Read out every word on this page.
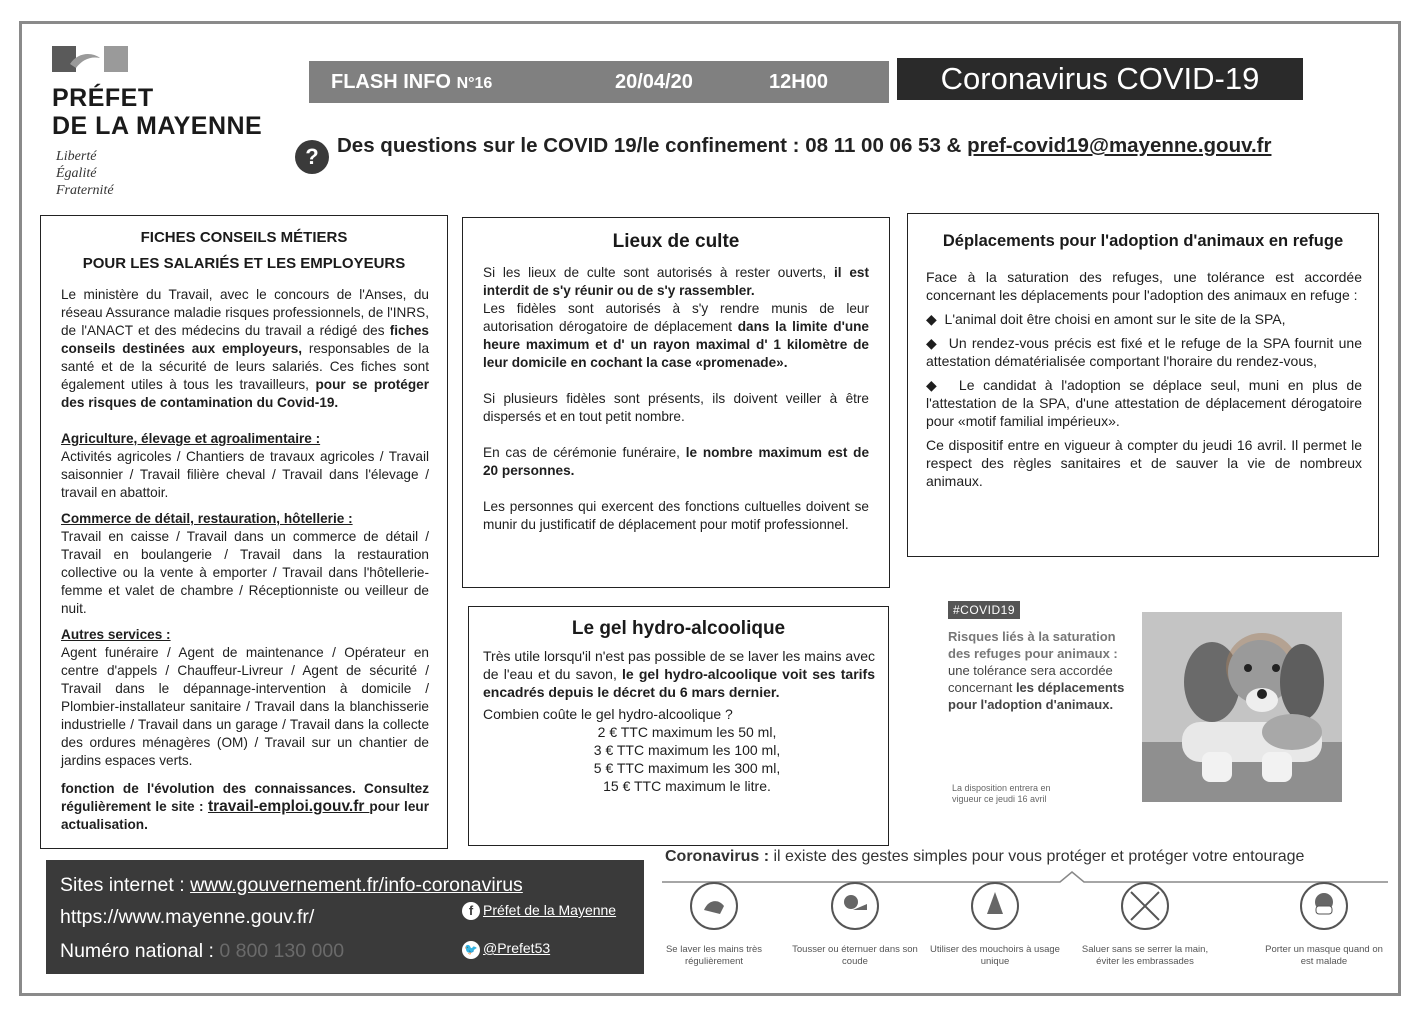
PRÉFET
DE LA MAYENNE
Liberté
Égalité
Fraternité
FLASH INFO N°16	20/04/20	12H00	Coronavirus COVID-19
? Des questions sur le COVID 19/le confinement : 08 11 00 06 53 & pref-covid19@mayenne.gouv.fr
FICHES CONSEILS MÉTIERS
POUR LES SALARIÉS ET LES EMPLOYEURS

Le ministère du Travail, avec le concours de l'Anses, du réseau Assurance maladie risques professionnels, de l'INRS, de l'ANACT et des médecins du travail a rédigé des fiches conseils destinées aux employeurs, responsables de la santé et de la sécurité de leurs salariés. Ces fiches sont également utiles à tous les travailleurs, pour se protéger des risques de contamination du Covid-19.

Agriculture, élevage et agroalimentaire :

Activités agricoles / Chantiers de travaux agricoles / Travail saisonnier / Travail filière cheval / Travail dans l'élevage / travail en abattoir.

Commerce de détail, restauration, hôtellerie :

Travail en caisse / Travail dans un commerce de détail / Travail en boulangerie / Travail dans la restauration collective ou la vente à emporter / Travail dans l'hôtellerie-femme et valet de chambre / Réceptionniste ou veilleur de nuit.

Autres services :

Agent funéraire / Agent de maintenance / Opérateur en centre d'appels / Chauffeur-Livreur / Agent de sécurité / Travail dans le dépannage-intervention à domicile / Plombier-installateur sanitaire / Travail dans la blanchisserie industrielle / Travail dans un garage / Travail dans la collecte des ordures ménagères (OM) / Travail sur un chantier de jardins espaces verts.

fonction de l'évolution des connaissances. Consultez régulièrement le site : travail-emploi.gouv.fr pour leur actualisation.

Lieux de culte

Si les lieux de culte sont autorisés à rester ouverts, il est interdit de s'y réunir ou de s'y rassembler.

Les fidèles sont autorisés à s'y rendre munis de leur autorisation dérogatoire de déplacement dans la limite d'une heure maximum et d' un rayon maximal d' 1 kilomètre de leur domicile en cochant la case «promenade».

Si plusieurs fidèles sont présents, ils doivent veiller à être dispersés et en tout petit nombre.

En cas de cérémonie funéraire, le nombre maximum est de 20 personnes.

Les personnes qui exercent des fonctions cultuelles doivent se munir du justificatif de déplacement pour motif professionnel.

Le gel hydro-alcoolique

Très utile lorsqu'il n'est pas possible de se laver les mains avec de l'eau et du savon, le gel hydro-alcoolique voit ses tarifs encadrés depuis le décret du 6 mars dernier.

Combien coûte le gel hydro-alcoolique ?

2 € TTC maximum les 50 ml,

3 € TTC maximum les 100 ml,

5 € TTC maximum les 300 ml,

15 € TTC maximum le litre.

Déplacements pour l'adoption d'animaux en refuge

Face à la saturation des refuges, une tolérance est accordée concernant les déplacements pour l'adoption des animaux en refuge :

◆  L'animal doit être choisi en amont sur le site de la SPA,

◆  Un rendez-vous précis est fixé et le refuge de la SPA fournit une attestation dématérialisée comportant l'horaire du rendez-vous,

◆  Le candidat à l'adoption se déplace seul, muni en plus de l'attestation de la SPA, d'une attestation de déplacement dérogatoire pour «motif familial impérieux».

Ce dispositif entre en vigueur à compter du jeudi 16 avril. Il permet le respect des règles sanitaires et de sauver la vie de nombreux animaux.

#COVID19
Risques liés à la saturation des refuges pour animaux : une tolérance sera accordée concernant les déplacements pour l'adoption d'animaux.
La disposition entrera en vigueur ce jeudi 16 avril
Sites internet : www.gouvernement.fr/info-coronavirus
https://www.mayenne.gouv.fr/
Numéro national : 0 800 130 000
f Préfet de la Mayenne
🐦 @Prefet53
Coronavirus : il existe des gestes simples pour vous protéger et protéger votre entourage
Se laver les mains très régulièrement
Tousser ou éternuer dans son coude
Utiliser des mouchoirs à usage unique
Saluer sans se serrer la main, éviter les embrassades
Porter un masque quand on est malade
